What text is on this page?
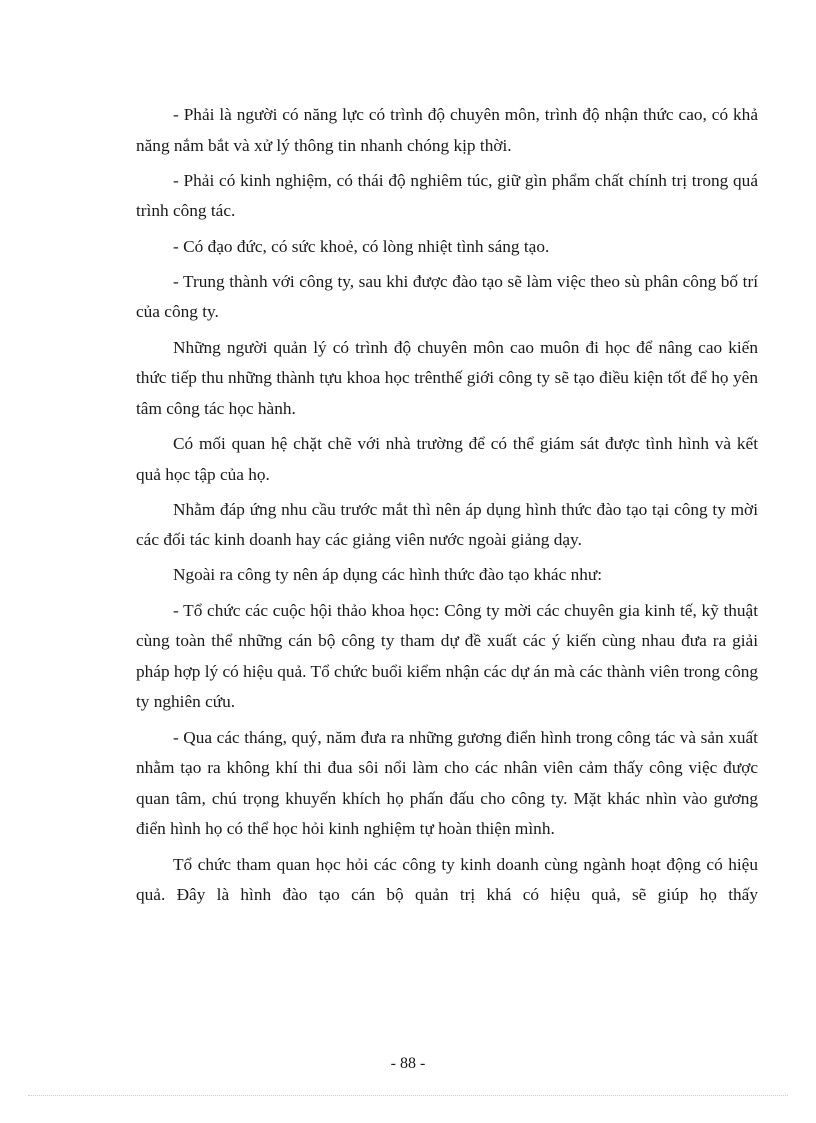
- Phải là người có năng lực có trình độ chuyên môn, trình độ nhận thức cao, có khả năng nắm bắt và xử lý thông tin nhanh chóng kịp thời.

- Phải có kinh nghiệm, có thái độ nghiêm túc, giữ gìn phẩm chất chính trị trong quá trình công tác.

- Có đạo đức, có sức khoẻ, có lòng nhiệt tình sáng tạo.

- Trung thành với công ty, sau khi được đào tạo sẽ làm việc theo sù phân công bố trí của công ty.

Những người quản lý có trình độ chuyên môn cao muôn đi học để nâng cao kiến thức tiếp thu những thành tựu khoa học trênthế giới công ty sẽ tạo điều kiện tốt để họ yên tâm công tác học hành.

Có mối quan hệ chặt chẽ với nhà trường để có thể giám sát được tình hình và kết quả học tập của họ.

Nhằm đáp ứng nhu cầu trước mắt thì nên áp dụng hình thức đào tạo tại công ty mời các đối tác kinh doanh hay các giảng viên nước ngoài giảng dạy.

Ngoài ra công ty nên áp dụng các hình thức đào tạo khác như:

- Tổ chức các cuộc hội thảo khoa học: Công ty mời các chuyên gia kinh tế, kỹ thuật cùng toàn thể những cán bộ công ty tham dự đề xuất các ý kiến cùng nhau đưa ra giải pháp hợp lý có hiệu quả. Tổ chức buổi kiểm nhận các dự án mà các thành viên trong công ty nghiên cứu.

- Qua các tháng, quý, năm đưa ra những gương điển hình trong công tác và sản xuất nhằm tạo ra không khí thi đua sôi nổi làm cho các nhân viên cảm thấy công việc được quan tâm, chú trọng khuyến khích họ phấn đấu cho công ty. Mặt khác nhìn vào gương điển hình họ có thể học hỏi kinh nghiệm tự hoàn thiện mình.

Tổ chức tham quan học hỏi các công ty kinh doanh cùng ngành hoạt động có hiệu quả. Đây là hình đào tạo cán bộ quản trị khá có hiệu quả, sẽ giúp họ thấy

- 88 -
